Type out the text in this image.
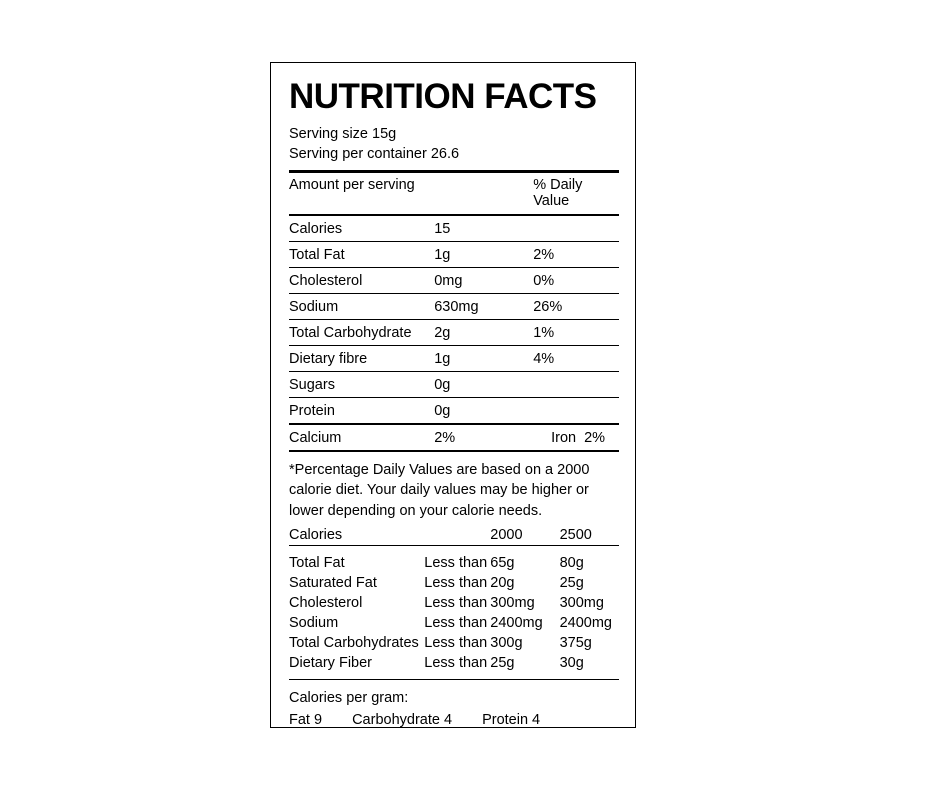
NUTRITION FACTS
Serving size 15g
Serving per container 26.6
Amount per serving		% Daily Value
Calories	15	
Total Fat	1g	2%
Cholesterol	0mg	0%
Sodium	630mg	26%
Total Carbohydrate	2g	1%
Dietary fibre	1g	4%
Sugars	0g	
Protein	0g	
Calcium	2%		Iron	2%
*Percentage Daily Values are based on a 2000 calorie diet. Your daily values may be higher or lower depending on your calorie needs.
Calories		2000	2500
Total Fat	Less than	65g	80g
Saturated Fat	Less than	20g	25g
Cholesterol	Less than	300mg	300mg
Sodium	Less than	2400mg	2400mg
Total Carbohydrates	Less than	300g	375g
Dietary Fiber	Less than	25g	30g
Calories per gram:
Fat 9 Carbohydrate 4 Protein 4
